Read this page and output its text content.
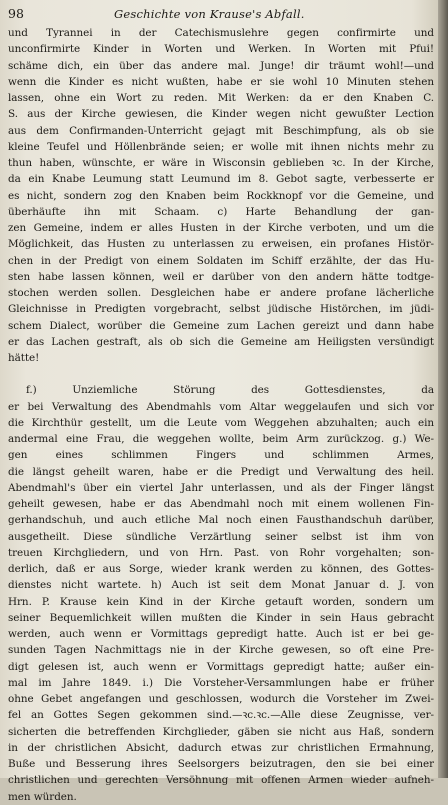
98	Geschichte von Krause's Abfall.
und Tyrannei in der Catechismuslehre gegen confirmirte und
unconfirmirte Kinder in Worten und Werken. In Worten mit Pfui!
schäme dich, ein über das andere mal. Junge! dir träumt wohl!—und
wenn die Kinder es nicht wußten, habe er sie wohl 10 Minuten stehen
lassen, ohne ein Wort zu reden. Mit Werken: da er den Knaben C.
S. aus der Kirche gewiesen, die Kinder wegen nicht gewußter Lection
aus dem Confirmanden-Unterricht gejagt mit Beschimpfung, als ob sie
kleine Teufel und Höllenbrände seien; er wolle mit ihnen nichts mehr zu
thun haben, wünschte, er wäre in Wisconsin geblieben ꝛc. In der Kirche,
da ein Knabe Leumung statt Leumund im 8. Gebot sagte, verbesserte er
es nicht, sondern zog den Knaben beim Rockknopf vor die Gemeine, und
überhäufte ihn mit Schaam. c) Harte Behandlung der gan-
zen Gemeine, indem er alles Husten in der Kirche verboten, und um die
Möglichkeit, das Husten zu unterlassen zu erweisen, ein profanes Histör-
chen in der Predigt von einem Soldaten im Schiff erzählte, der das Hu-
sten habe lassen können, weil er darüber von den andern hätte todtge-
stochen werden sollen. Desgleichen habe er andere profane lächerliche
Gleichnisse in Predigten vorgebracht, selbst jüdische Histörchen, im jüdi-
schem Dialect, worüber die Gemeine zum Lachen gereizt und dann habe
er das Lachen gestraft, als ob sich die Gemeine am Heiligsten versündigt
hätte!
f.) Unziemliche Störung des Gottesdienstes, da
er bei Verwaltung des Abendmahls vom Altar weggelaufen und sich vor
die Kirchthür gestellt, um die Leute vom Weggehen abzuhalten; auch ein
andermal eine Frau, die weggehen wollte, beim Arm zurückzog. g.) We-
gen eines schlimmen Fingers und schlimmen Armes,
die längst geheilt waren, habe er die Predigt und Verwaltung des heil.
Abendmahl's über ein viertel Jahr unterlassen, und als der Finger längst
geheilt gewesen, habe er das Abendmahl noch mit einem wollenen Fin-
gerhandschuh, und auch etliche Mal noch einen Fausthandschuh darüber,
ausgetheilt. Diese sündliche Verzärtlung seiner selbst ist ihm von
treuen Kirchgliedern, und von Hrn. Past. von Rohr vorgehalten; son-
derlich, daß er aus Sorge, wieder krank werden zu können, des Gottes-
dienstes nicht wartete. h) Auch ist seit dem Monat Januar d. J. von
Hrn. P. Krause kein Kind in der Kirche getauft worden, sondern um
seiner Bequemlichkeit willen mußten die Kinder in sein Haus gebracht
werden, auch wenn er Vormittags gepredigt hatte. Auch ist er bei ge-
sunden Tagen Nachmittags nie in der Kirche gewesen, so oft eine Pre-
digt gelesen ist, auch wenn er Vormittags gepredigt hatte; außer ein-
mal im Jahre 1849. i.) Die Vorsteher-Versammlungen habe er früher
ohne Gebet angefangen und geschlossen, wodurch die Vorsteher im Zwei-
fel an Gottes Segen gekommen sind.—ꝛc.ꝛc.—Alle diese Zeugnisse, ver-
sicherten die betreffenden Kirchglieder, gäben sie nicht aus Haß, sondern
in der christlichen Absicht, dadurch etwas zur christlichen Ermahnung,
Buße und Besserung ihres Seelsorgers beizutragen, den sie bei einer
christlichen und gerechten Versöhnung mit offenen Armen wieder aufneh-
men würden.
